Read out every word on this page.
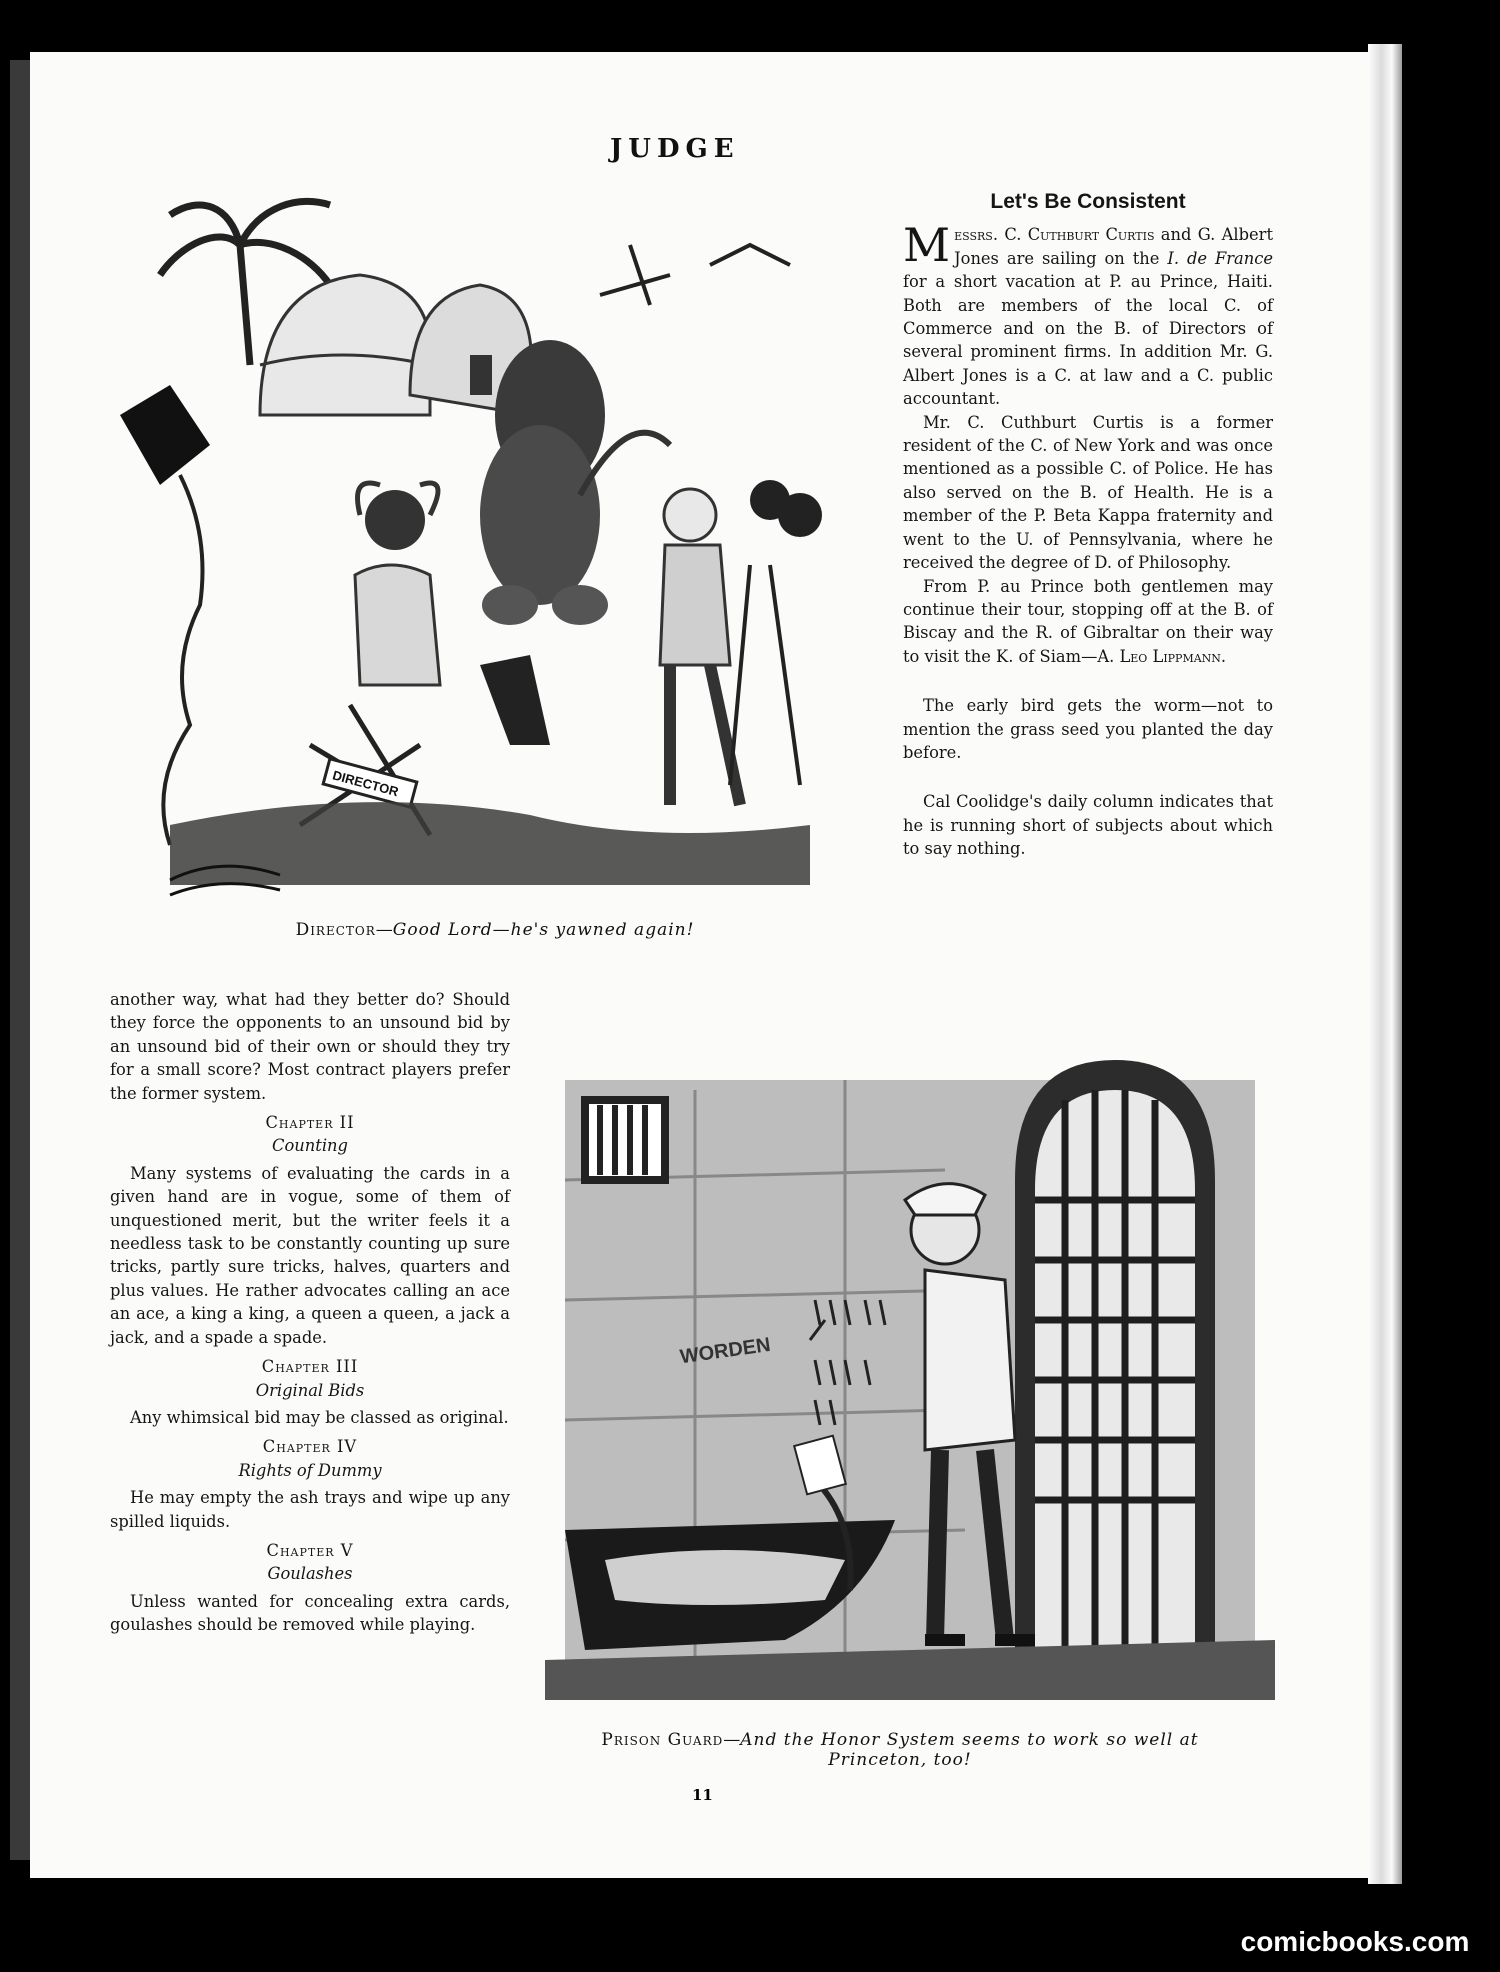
JUDGE
DIRECTOR
Director—Good Lord—he's yawned again!
Let's Be Consistent

Messrs. C. Cuthburt Curtis and G. Albert Jones are sailing on the I. de France for a short vacation at P. au Prince, Haiti. Both are members of the local C. of Commerce and on the B. of Directors of several prominent firms. In addition Mr. G. Albert Jones is a C. at law and a C. public accountant.

Mr. C. Cuthburt Curtis is a former resident of the C. of New York and was once mentioned as a possible C. of Police. He has also served on the B. of Health. He is a member of the P. Beta Kappa fraternity and went to the U. of Pennsylvania, where he received the degree of D. of Philosophy.

From P. au Prince both gentlemen may continue their tour, stopping off at the B. of Biscay and the R. of Gibraltar on their way to visit the K. of Siam—A. Leo Lippmann.

The early bird gets the worm—not to mention the grass seed you planted the day before.

Cal Coolidge's daily column indicates that he is running short of subjects about which to say nothing.

another way, what had they better do? Should they force the opponents to an unsound bid by an unsound bid of their own or should they try for a small score? Most contract players prefer the former system.

Chapter II
Counting

Many systems of evaluating the cards in a given hand are in vogue, some of them of unquestioned merit, but the writer feels it a needless task to be constantly counting up sure tricks, partly sure tricks, halves, quarters and plus values. He rather advocates calling an ace an ace, a king a king, a queen a queen, a jack a jack, and a spade a spade.

Chapter III
Original Bids

Any whimsical bid may be classed as original.

Chapter IV
Rights of Dummy

He may empty the ash trays and wipe up any spilled liquids.

Chapter V
Goulashes

Unless wanted for concealing extra cards, goulashes should be removed while playing.

WORDEN
Prison Guard—And the Honor System seems to work so well at Princeton, too!
11
comicbooks.com
